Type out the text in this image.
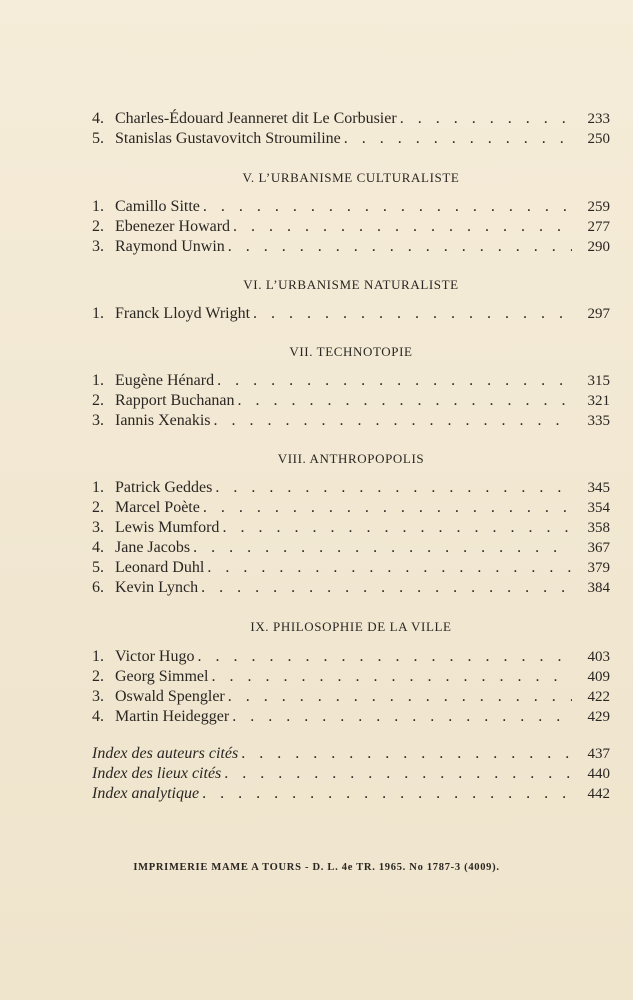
4. Charles-Édouard Jeanneret dit Le Corbusier . . .	233
5. Stanislas Gustavovitch Stroumiline . . .	250
V. L’URBANISME CULTURALISTE
1. Camillo Sitte . . .	259
2. Ebenezer Howard . . .	277
3. Raymond Unwin . . .	290
VI. L’URBANISME NATURALISTE
1. Franck Lloyd Wright . . .	297
VII. TECHNOTOPIE
1. Eugène Hénard . . .	315
2. Rapport Buchanan . . .	321
3. Iannis Xenakis . . .	335
VIII. ANTHROPOPOLIS
1. Patrick Geddes . . .	345
2. Marcel Poète . . .	354
3. Lewis Mumford . . .	358
4. Jane Jacobs . . .	367
5. Leonard Duhl . . .	379
6. Kevin Lynch . . .	384
IX. PHILOSOPHIE DE LA VILLE
1. Victor Hugo . . .	403
2. Georg Simmel . . .	409
3. Oswald Spengler . . .	422
4. Martin Heidegger . . .	429
Index des auteurs cités . . .	437
Index des lieux cités . . .	440
Index analytique . . .	442
IMPRIMERIE MAME A TOURS - D. L. 4e TR. 1965. No 1787-3 (4009).
